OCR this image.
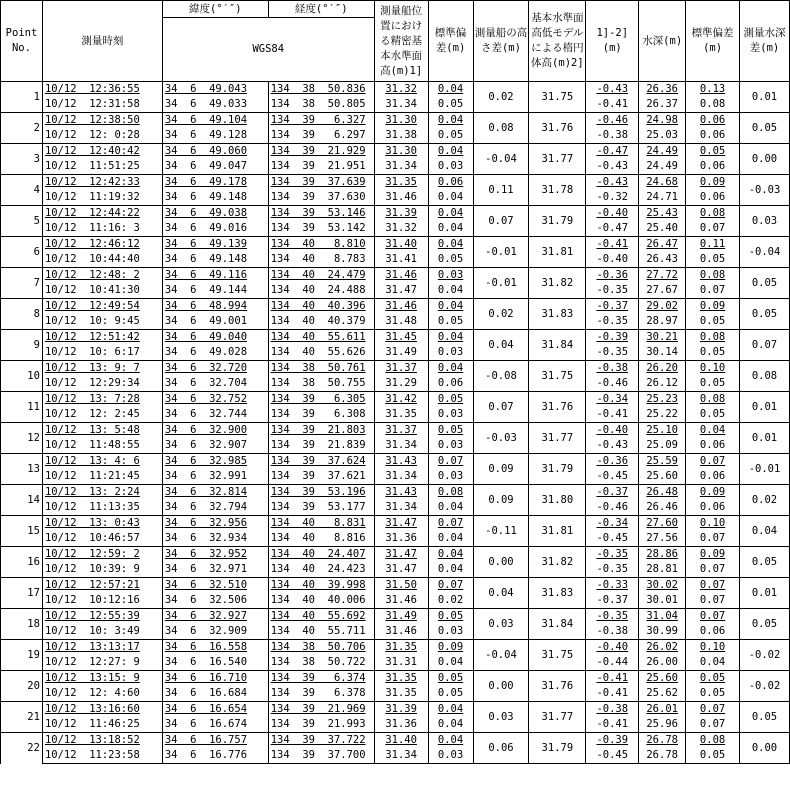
Point No.	測量時刻	緯度(°′″)	経度(°′″)	測量船位置における精密基本水準面高(m)1]	標準偏差(m)	測量船の高さ差(m)	基本水準面高低モデルによる楕円体高(m)2]	1]-2](m)	水深(m)	標準偏差(m)	測量水深差(m)
		WGS84									

1	10/12  12:36:55	34  6  49.043	134  38  50.836	31.32	0.04	0.02	31.75	-0.43	26.36	0.13	0.01
	10/12  12:31:58	34  6  49.033	134  38  50.805	31.34	0.05			-0.41	26.37	0.08	
2	10/12  12:38:50	34  6  49.104	134  39   6.327	31.30	0.04	0.08	31.76	-0.46	24.98	0.06	0.05
	10/12  12: 0:28	34  6  49.128	134  39   6.297	31.38	0.05			-0.38	25.03	0.06	
3	10/12  12:40:42	34  6  49.060	134  39  21.929	31.30	0.04	-0.04	31.77	-0.47	24.49	0.05	0.00
	10/12  11:51:25	34  6  49.047	134  39  21.951	31.34	0.03			-0.43	24.49	0.06	
4	10/12  12:42:33	34  6  49.178	134  39  37.639	31.35	0.06	0.11	31.78	-0.43	24.68	0.09	-0.03
	10/12  11:19:32	34  6  49.148	134  39  37.630	31.46	0.04			-0.32	24.71	0.06	
5	10/12  12:44:22	34  6  49.038	134  39  53.146	31.39	0.04	0.07	31.79	-0.40	25.43	0.08	0.03
	10/12  11:16: 3	34  6  49.016	134  39  53.142	31.32	0.04			-0.47	25.40	0.07	
6	10/12  12:46:12	34  6  49.139	134  40   8.810	31.40	0.04	-0.01	31.81	-0.41	26.47	0.11	-0.04
	10/12  10:44:40	34  6  49.148	134  40   8.783	31.41	0.05			-0.40	26.43	0.05	
7	10/12  12:48: 2	34  6  49.116	134  40  24.479	31.46	0.03	-0.01	31.82	-0.36	27.72	0.08	0.05
	10/12  10:41:30	34  6  49.144	134  40  24.488	31.47	0.04			-0.35	27.67	0.07	
8	10/12  12:49:54	34  6  48.994	134  40  40.396	31.46	0.04	0.02	31.83	-0.37	29.02	0.09	0.05
	10/12  10: 9:45	34  6  49.001	134  40  40.379	31.48	0.05			-0.35	28.97	0.05	
9	10/12  12:51:42	34  6  49.040	134  40  55.611	31.45	0.04	0.04	31.84	-0.39	30.21	0.08	0.07
	10/12  10: 6:17	34  6  49.028	134  40  55.626	31.49	0.03			-0.35	30.14	0.05	
10	10/12  13: 9: 7	34  6  32.720	134  38  50.761	31.37	0.04	-0.08	31.75	-0.38	26.20	0.10	0.08
	10/12  12:29:34	34  6  32.704	134  38  50.755	31.29	0.06			-0.46	26.12	0.05	
11	10/12  13: 7:28	34  6  32.752	134  39   6.305	31.42	0.05	0.07	31.76	-0.34	25.23	0.08	0.01
	10/12  12: 2:45	34  6  32.744	134  39   6.308	31.35	0.03			-0.41	25.22	0.05	
12	10/12  13: 5:48	34  6  32.900	134  39  21.803	31.37	0.05	-0.03	31.77	-0.40	25.10	0.04	0.01
	10/12  11:48:55	34  6  32.907	134  39  21.839	31.34	0.03			-0.43	25.09	0.06	
13	10/12  13: 4: 6	34  6  32.985	134  39  37.624	31.43	0.07	0.09	31.79	-0.36	25.59	0.07	-0.01
	10/12  11:21:45	34  6  32.991	134  39  37.621	31.34	0.03			-0.45	25.60	0.06	
14	10/12  13: 2:24	34  6  32.814	134  39  53.196	31.43	0.08	0.09	31.80	-0.37	26.48	0.09	0.02
	10/12  11:13:35	34  6  32.794	134  39  53.177	31.34	0.04			-0.46	26.46	0.06	
15	10/12  13: 0:43	34  6  32.956	134  40   8.831	31.47	0.07	-0.11	31.81	-0.34	27.60	0.10	0.04
	10/12  10:46:57	34  6  32.934	134  40   8.816	31.36	0.04			-0.45	27.56	0.07	
16	10/12  12:59: 2	34  6  32.952	134  40  24.407	31.47	0.04	0.00	31.82	-0.35	28.86	0.09	0.05
	10/12  10:39: 9	34  6  32.971	134  40  24.423	31.47	0.04			-0.35	28.81	0.07	
17	10/12  12:57:21	34  6  32.510	134  40  39.998	31.50	0.07	0.04	31.83	-0.33	30.02	0.07	0.01
	10/12  10:12:16	34  6  32.506	134  40  40.006	31.46	0.02			-0.37	30.01	0.07	
18	10/12  12:55:39	34  6  32.927	134  40  55.692	31.49	0.05	0.03	31.84	-0.35	31.04	0.07	0.05
	10/12  10: 3:49	34  6  32.909	134  40  55.711	31.46	0.03			-0.38	30.99	0.06	
19	10/12  13:13:17	34  6  16.558	134  38  50.706	31.35	0.09	-0.04	31.75	-0.40	26.02	0.10	-0.02
	10/12  12:27: 9	34  6  16.540	134  38  50.722	31.31	0.04			-0.44	26.00	0.04	
20	10/12  13:15: 9	34  6  16.710	134  39   6.374	31.35	0.05	0.00	31.76	-0.41	25.60	0.05	-0.02
	10/12  12: 4:60	34  6  16.684	134  39   6.378	31.35	0.05			-0.41	25.62	0.05	
21	10/12  13:16:60	34  6  16.654	134  39  21.969	31.39	0.04	0.03	31.77	-0.38	26.01	0.07	0.05
	10/12  11:46:25	34  6  16.674	134  39  21.993	31.36	0.04			-0.41	25.96	0.07	
22	10/12  13:18:52	34  6  16.757	134  39  37.722	31.40	0.04	0.06	31.79	-0.39	26.78	0.08	0.00
	10/12  11:23:58	34  6  16.776	134  39  37.700	31.34	0.03			-0.45	26.78	0.05	
